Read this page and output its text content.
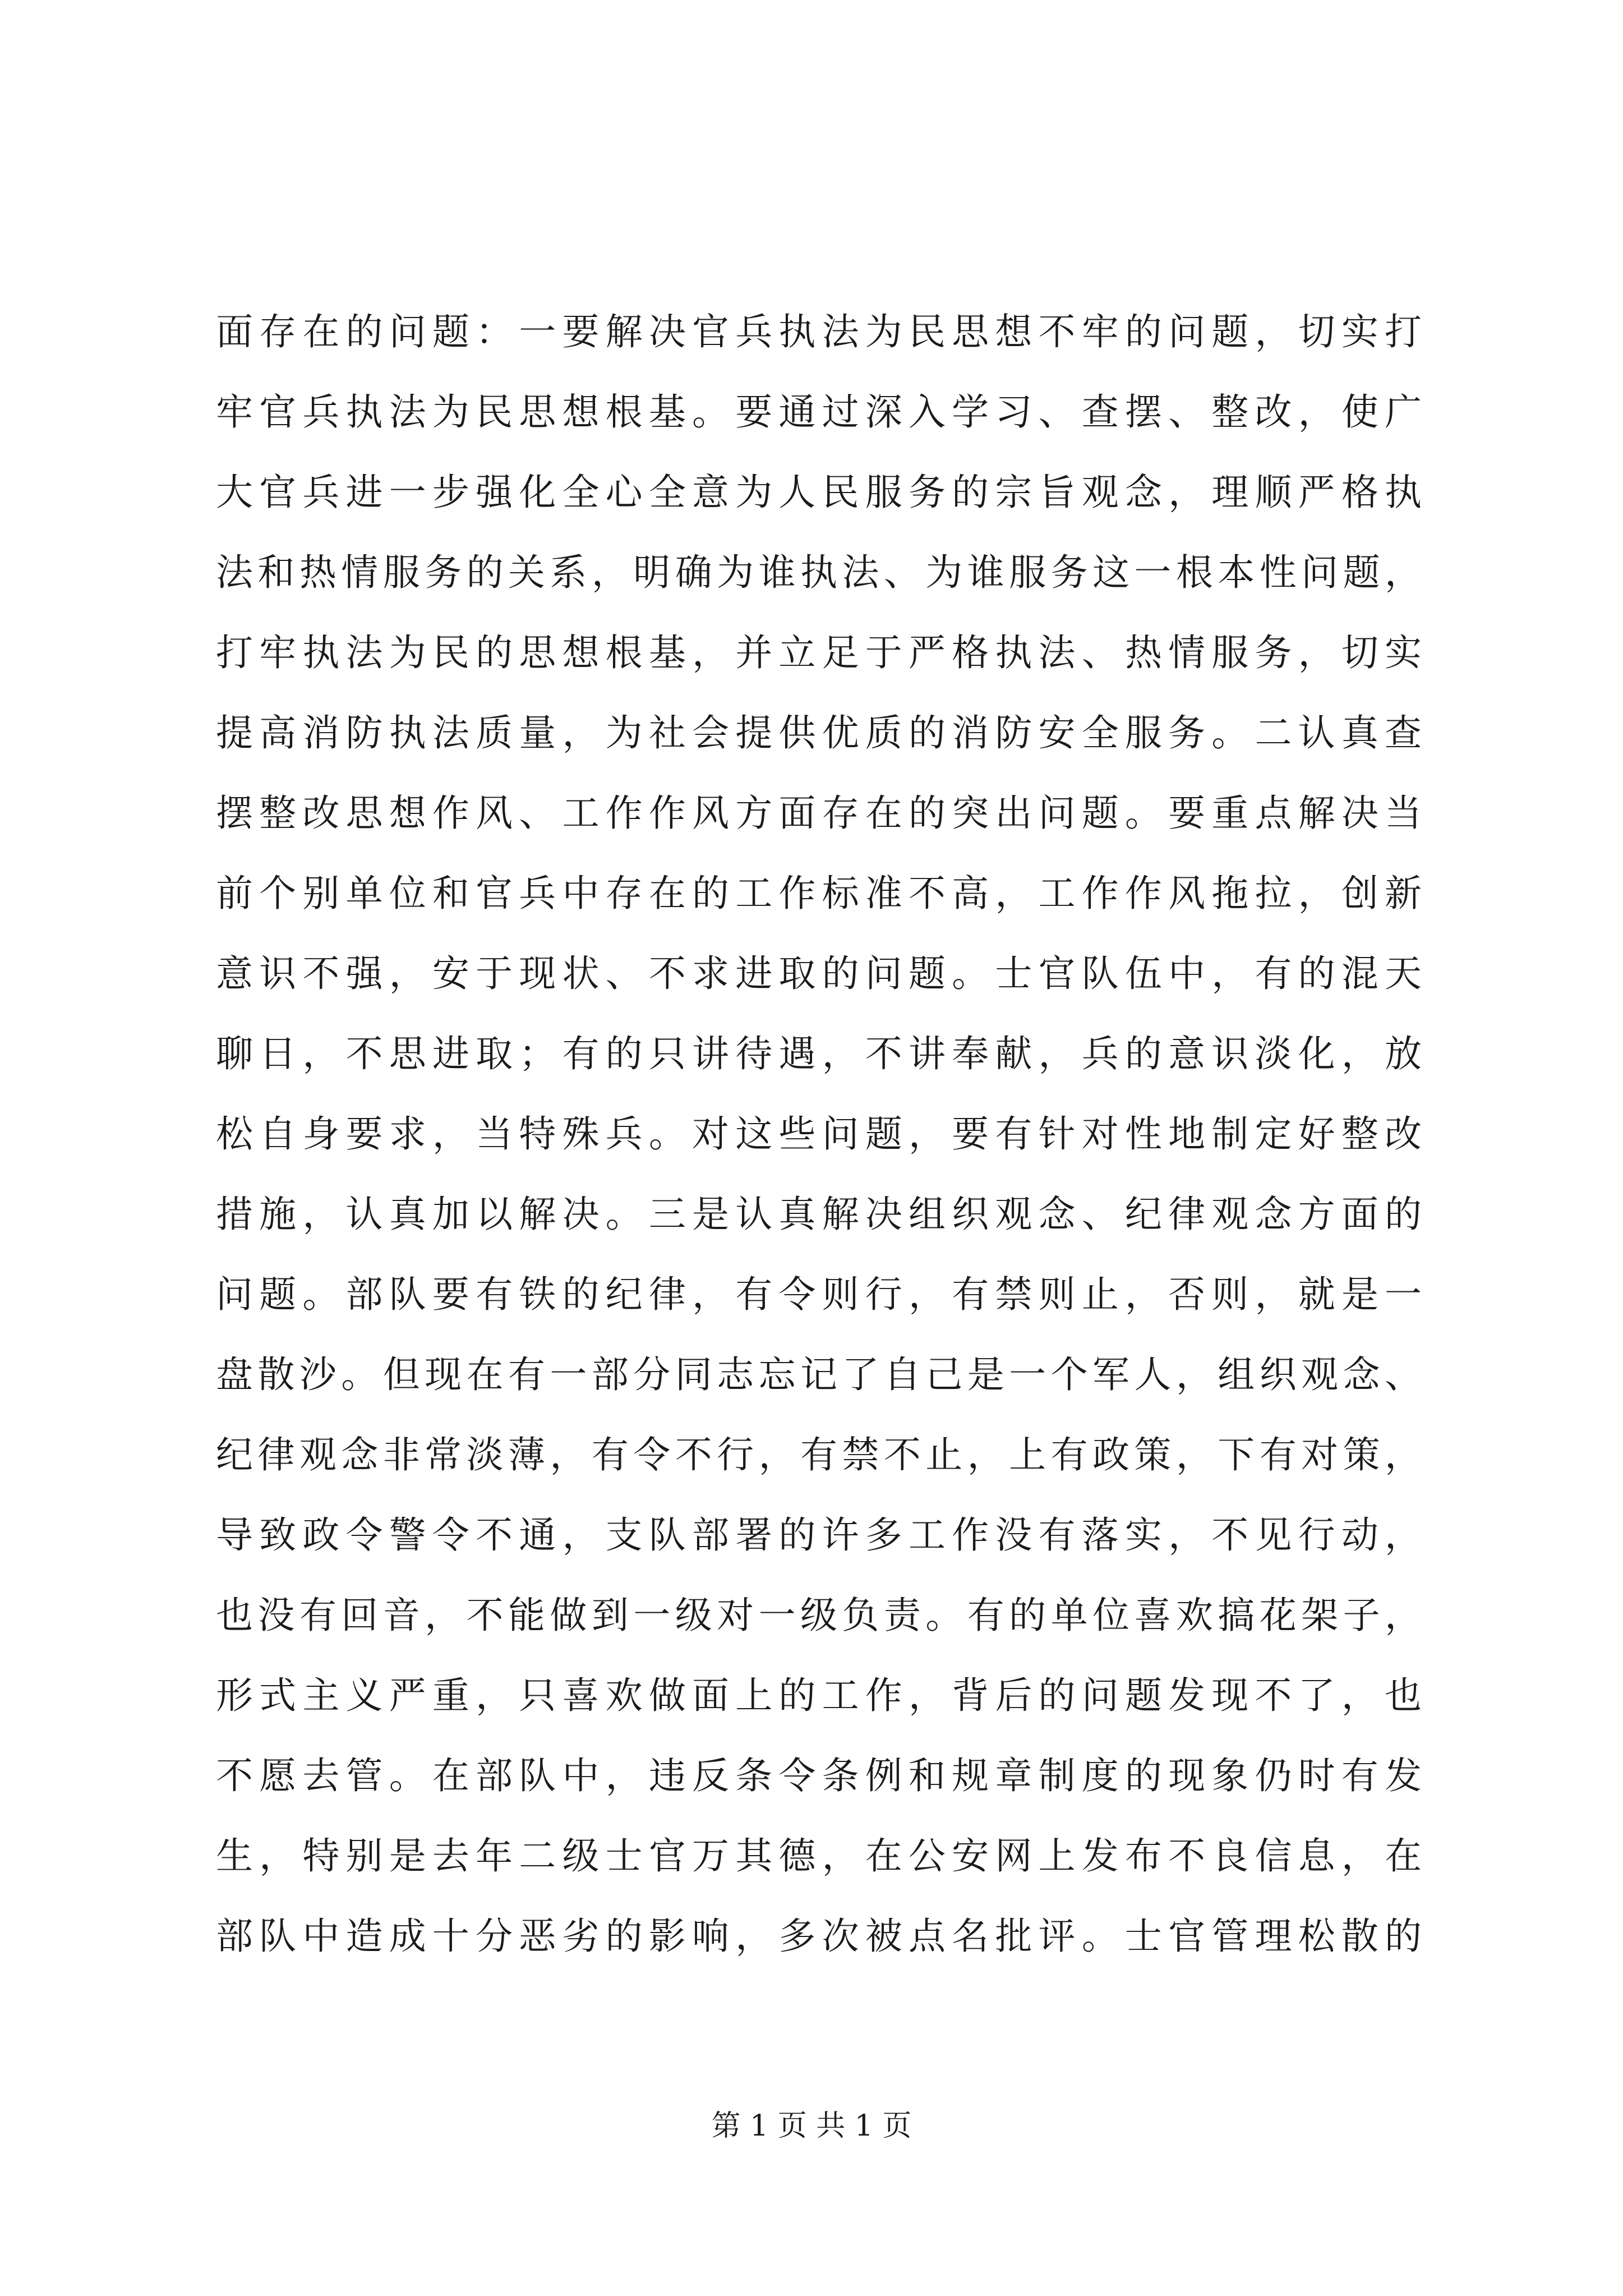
面存在的问题：一要解决官兵执法为民思想不牢的问题，切实打
牢官兵执法为民思想根基。要通过深入学习、查摆、整改，使广
大官兵进一步强化全心全意为人民服务的宗旨观念，理顺严格执
法和热情服务的关系，明确为谁执法、为谁服务这一根本性问题，
打牢执法为民的思想根基，并立足于严格执法、热情服务，切实
提高消防执法质量，为社会提供优质的消防安全服务。二认真查
摆整改思想作风、工作作风方面存在的突出问题。要重点解决当
前个别单位和官兵中存在的工作标准不高，工作作风拖拉，创新
意识不强，安于现状、不求进取的问题。士官队伍中，有的混天
聊日，不思进取；有的只讲待遇，不讲奉献，兵的意识淡化，放
松自身要求，当特殊兵。对这些问题，要有针对性地制定好整改
措施，认真加以解决。三是认真解决组织观念、纪律观念方面的
问题。部队要有铁的纪律，有令则行，有禁则止，否则，就是一
盘散沙。但现在有一部分同志忘记了自己是一个军人，组织观念、
纪律观念非常淡薄，有令不行，有禁不止，上有政策，下有对策，
导致政令警令不通，支队部署的许多工作没有落实，不见行动，
也没有回音，不能做到一级对一级负责。有的单位喜欢搞花架子，
形式主义严重，只喜欢做面上的工作，背后的问题发现不了，也
不愿去管。在部队中，违反条令条例和规章制度的现象仍时有发
生，特别是去年二级士官万其德，在公安网上发布不良信息，在
部队中造成十分恶劣的影响，多次被点名批评。士官管理松散的
第 1 页 共 1 页
